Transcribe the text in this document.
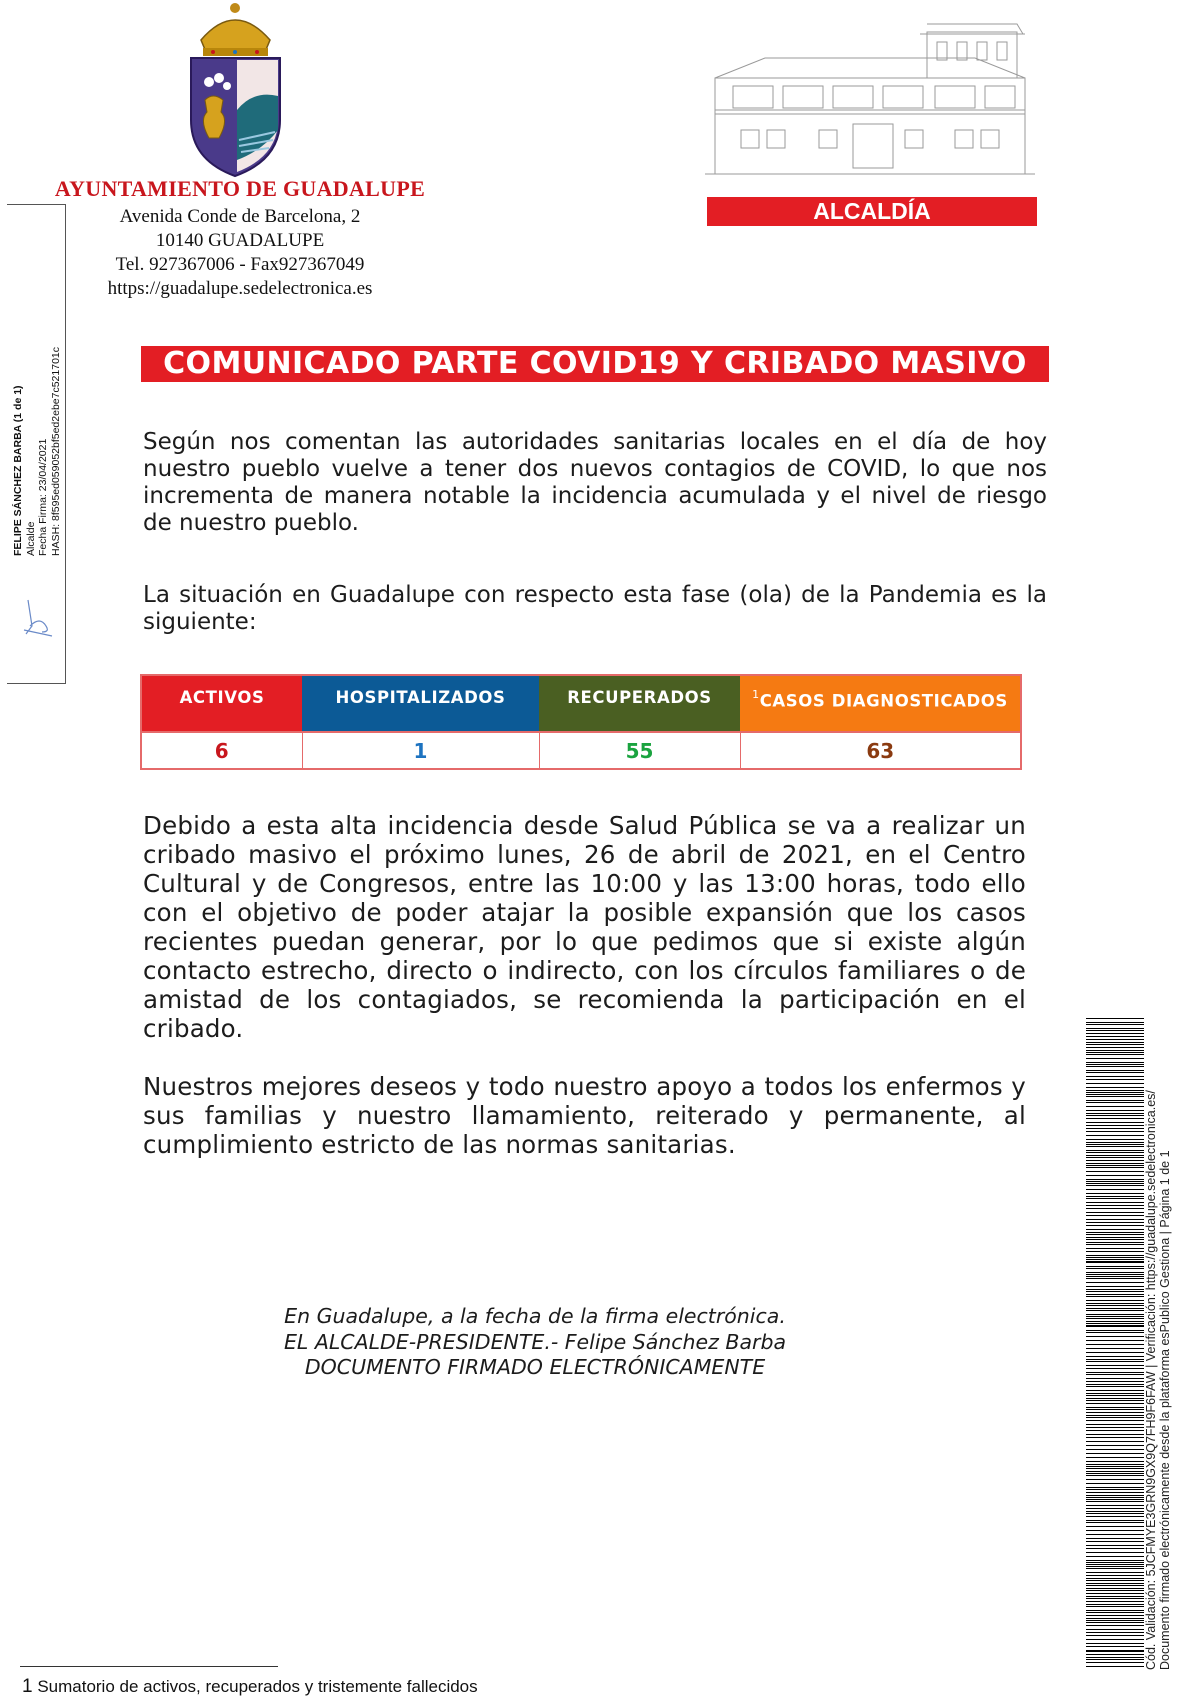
AYUNTAMIENTO DE GUADALUPE
Avenida Conde de Barcelona, 2
10140 GUADALUPE
Tel. 927367006 - Fax927367049
https://guadalupe.sedelectronica.es
ALCALDÍA
FELIPE SÁNCHEZ BARBA (1 de 1) Alcalde Fecha Firma: 23/04/2021 HASH: 8f595ed059052bf5ed2ebe7c521701c	COMUNICADO PARTE COVID19 Y CRIBADO MASIVO
Según nos comentan las autoridades sanitarias locales en el día de hoy nuestro pueblo vuelve a tener dos nuevos contagios de COVID, lo que nos incrementa de manera notable la incidencia acumulada y el nivel de riesgo de nuestro pueblo.
La situación en Guadalupe con respecto esta fase (ola) de la Pandemia es la siguiente:
ACTIVOS	HOSPITALIZADOS	RECUPERADOS	$^1$CASOS DIAGNOSTICADOS
6	1	55	63
Debido a esta alta incidencia desde Salud Pública se va a realizar un cribado masivo el próximo lunes, 26 de abril de 2021, en el Centro Cultural y de Congresos, entre las 10:00 y las 13:00 horas, todo ello con el objetivo de poder atajar la posible expansión que los casos recientes puedan generar, por lo que pedimos que si existe algún contacto estrecho, directo o indirecto, con los círculos familiares o de amistad de los contagiados, se recomienda la participación en el cribado.
Nuestros mejores deseos y todo nuestro apoyo a todos los enfermos y sus familias y nuestro llamamiento, reiterado y permanente, al cumplimiento estricto de las normas sanitarias.
En Guadalupe, a la fecha de la firma electrónica.
EL ALCALDE-PRESIDENTE.- Felipe Sánchez Barba
DOCUMENTO FIRMADO ELECTRÓNICAMENTE	Cód. Validación: 5JCFMYE3GRN9GX9Q7FH9F6FAW | Verificación: https://guadalupe.sedelectronica.es/ Documento firmado electrónicamente desde la plataforma esPublico Gestiona | Página 1 de 1
1 Sumatorio de activos, recuperados y tristemente fallecidos
